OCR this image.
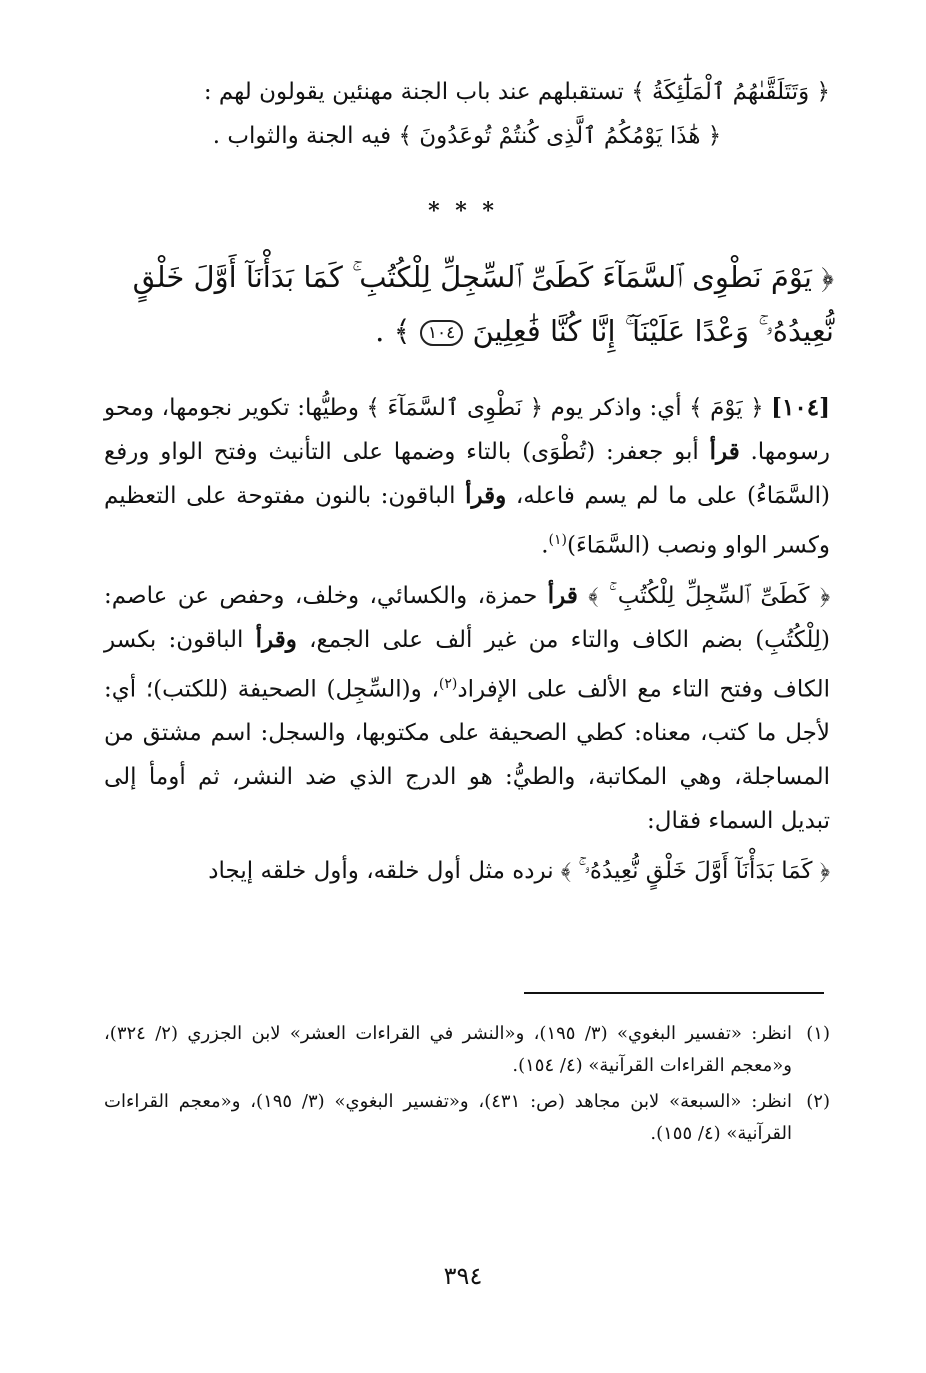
﴿ وَتَتَلَقَّىٰهُمُ ٱلْمَلَٰٓئِكَةُ ﴾ تستقبلهم عند باب الجنة مهنئين يقولون لهم :

﴿ هَٰذَا يَوْمُكُمُ ٱلَّذِى كُنتُمْ تُوعَدُونَ ﴾ فيه الجنة والثواب .

* * *

﴿ يَوْمَ نَطْوِى ٱلسَّمَآءَ كَطَىِّ ٱلسِّجِلِّ لِلْكُتُبِ ۚ كَمَا بَدَأْنَآ أَوَّلَ خَلْقٍ

نُّعِيدُهُۥ ۚ وَعْدًا عَلَيْنَآ ۚ إِنَّا كُنَّا فَٰعِلِينَ ١٠٤ ﴾ .

[١٠٤] ﴿ يَوْمَ ﴾ أي: واذكر يوم ﴿ نَطْوِى ٱلسَّمَآءَ ﴾ وطيُّها: تكوير نجومها، ومحو رسومها. قرأ أبو جعفر: (تُطْوَى) بالتاء وضمها على التأنيث وفتح الواو ورفع (السَّمَاءُ) على ما لم يسم فاعله، وقرأ الباقون: بالنون مفتوحة على التعظيم وكسر الواو ونصب (السَّمَاءَ)$^{(١)}$.

﴿ كَطَىِّ ٱلسِّجِلِّ لِلْكُتُبِ ۚ ﴾ قرأ حمزة، والكسائي، وخلف، وحفص عن عاصم: (لِلْكُتُبِ) بضم الكاف والتاء من غير ألف على الجمع، وقرأ الباقون: بكسر الكاف وفتح التاء مع الألف على الإفراد$^{(٢)}$، و(السِّجِل) الصحيفة (للكتب)؛ أي: لأجل ما كتب، معناه: كطي الصحيفة على مكتوبها، والسجل: اسم مشتق من المساجلة، وهي المكاتبة، والطيُّ: هو الدرج الذي ضد النشر، ثم أومأ إلى تبديل السماء فقال:

﴿ كَمَا بَدَأْنَآ أَوَّلَ خَلْقٍ نُّعِيدُهُۥ ۚ ﴾ نرده مثل أول خلقه، وأول خلقه إيجاد

(١)
انظر: «تفسير البغوي» (٣/ ١٩٥)، و«النشر في القراءات العشر» لابن الجزري (٢/ ٣٢٤)، و«معجم القراءات القرآنية» (٤/ ١٥٤).

(٢)
انظر: «السبعة» لابن مجاهد (ص: ٤٣١)، و«تفسير البغوي» (٣/ ١٩٥)، و«معجم القراءات القرآنية» (٤/ ١٥٥).

٣٩٤
